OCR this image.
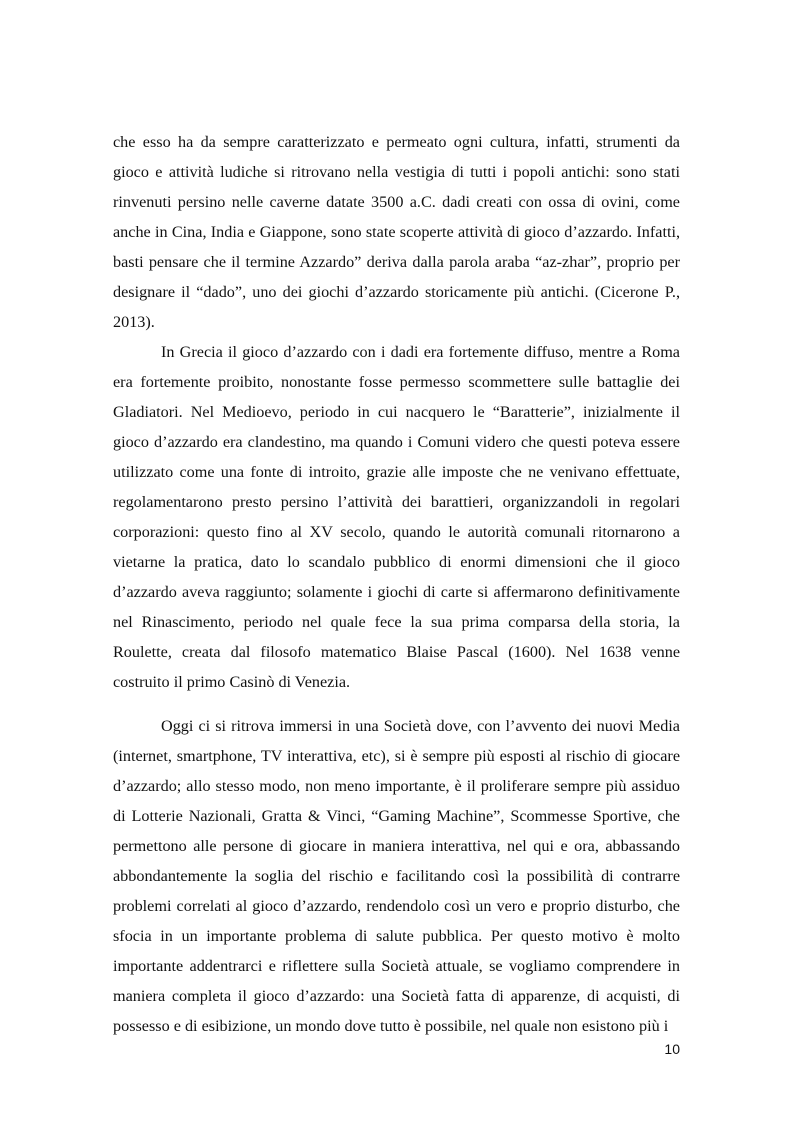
che esso ha da sempre caratterizzato e permeato ogni cultura, infatti, strumenti da gioco e attività ludiche si ritrovano nella vestigia di tutti i popoli antichi: sono stati rinvenuti persino nelle caverne datate 3500 a.C. dadi creati con ossa di ovini, come anche in Cina, India e Giappone, sono state scoperte attività di gioco d’azzardo. Infatti, basti pensare che il termine Azzardo” deriva dalla parola araba “az-zhar”, proprio per designare il “dado”, uno dei giochi d’azzardo storicamente più antichi. (Cicerone P., 2013).

In Grecia il gioco d’azzardo con i dadi era fortemente diffuso, mentre a Roma era fortemente proibito, nonostante fosse permesso scommettere sulle battaglie dei Gladiatori. Nel Medioevo, periodo in cui nacquero le “Baratterie”, inizialmente il gioco d’azzardo era clandestino, ma quando i Comuni videro che questi poteva essere utilizzato come una fonte di introito, grazie alle imposte che ne venivano effettuate, regolamentarono presto persino l’attività dei barattieri, organizzandoli in regolari corporazioni: questo fino al XV secolo, quando le autorità comunali ritornarono a vietarne la pratica, dato lo scandalo pubblico di enormi dimensioni che il gioco d’azzardo aveva raggiunto; solamente i giochi di carte si affermarono definitivamente nel Rinascimento, periodo nel quale fece la sua prima comparsa della storia, la Roulette, creata dal filosofo matematico Blaise Pascal (1600). Nel 1638 venne costruito il primo Casinò di Venezia.

Oggi ci si ritrova immersi in una Società dove, con l’avvento dei nuovi Media (internet, smartphone, TV interattiva, etc), si è sempre più esposti al rischio di giocare d’azzardo; allo stesso modo, non meno importante, è il proliferare sempre più assiduo di Lotterie Nazionali, Gratta & Vinci, “Gaming Machine”, Scommesse Sportive, che permettono alle persone di giocare in maniera interattiva, nel qui e ora, abbassando abbondantemente la soglia del rischio e facilitando così la possibilità di contrarre problemi correlati al gioco d’azzardo, rendendolo così un vero e proprio disturbo, che sfocia in un importante problema di salute pubblica. Per questo motivo è molto importante addentrarci e riflettere sulla Società attuale, se vogliamo comprendere in maniera completa il gioco d’azzardo: una Società fatta di apparenze, di acquisti, di possesso e di esibizione, un mondo dove tutto è possibile, nel quale non esistono più i

10
